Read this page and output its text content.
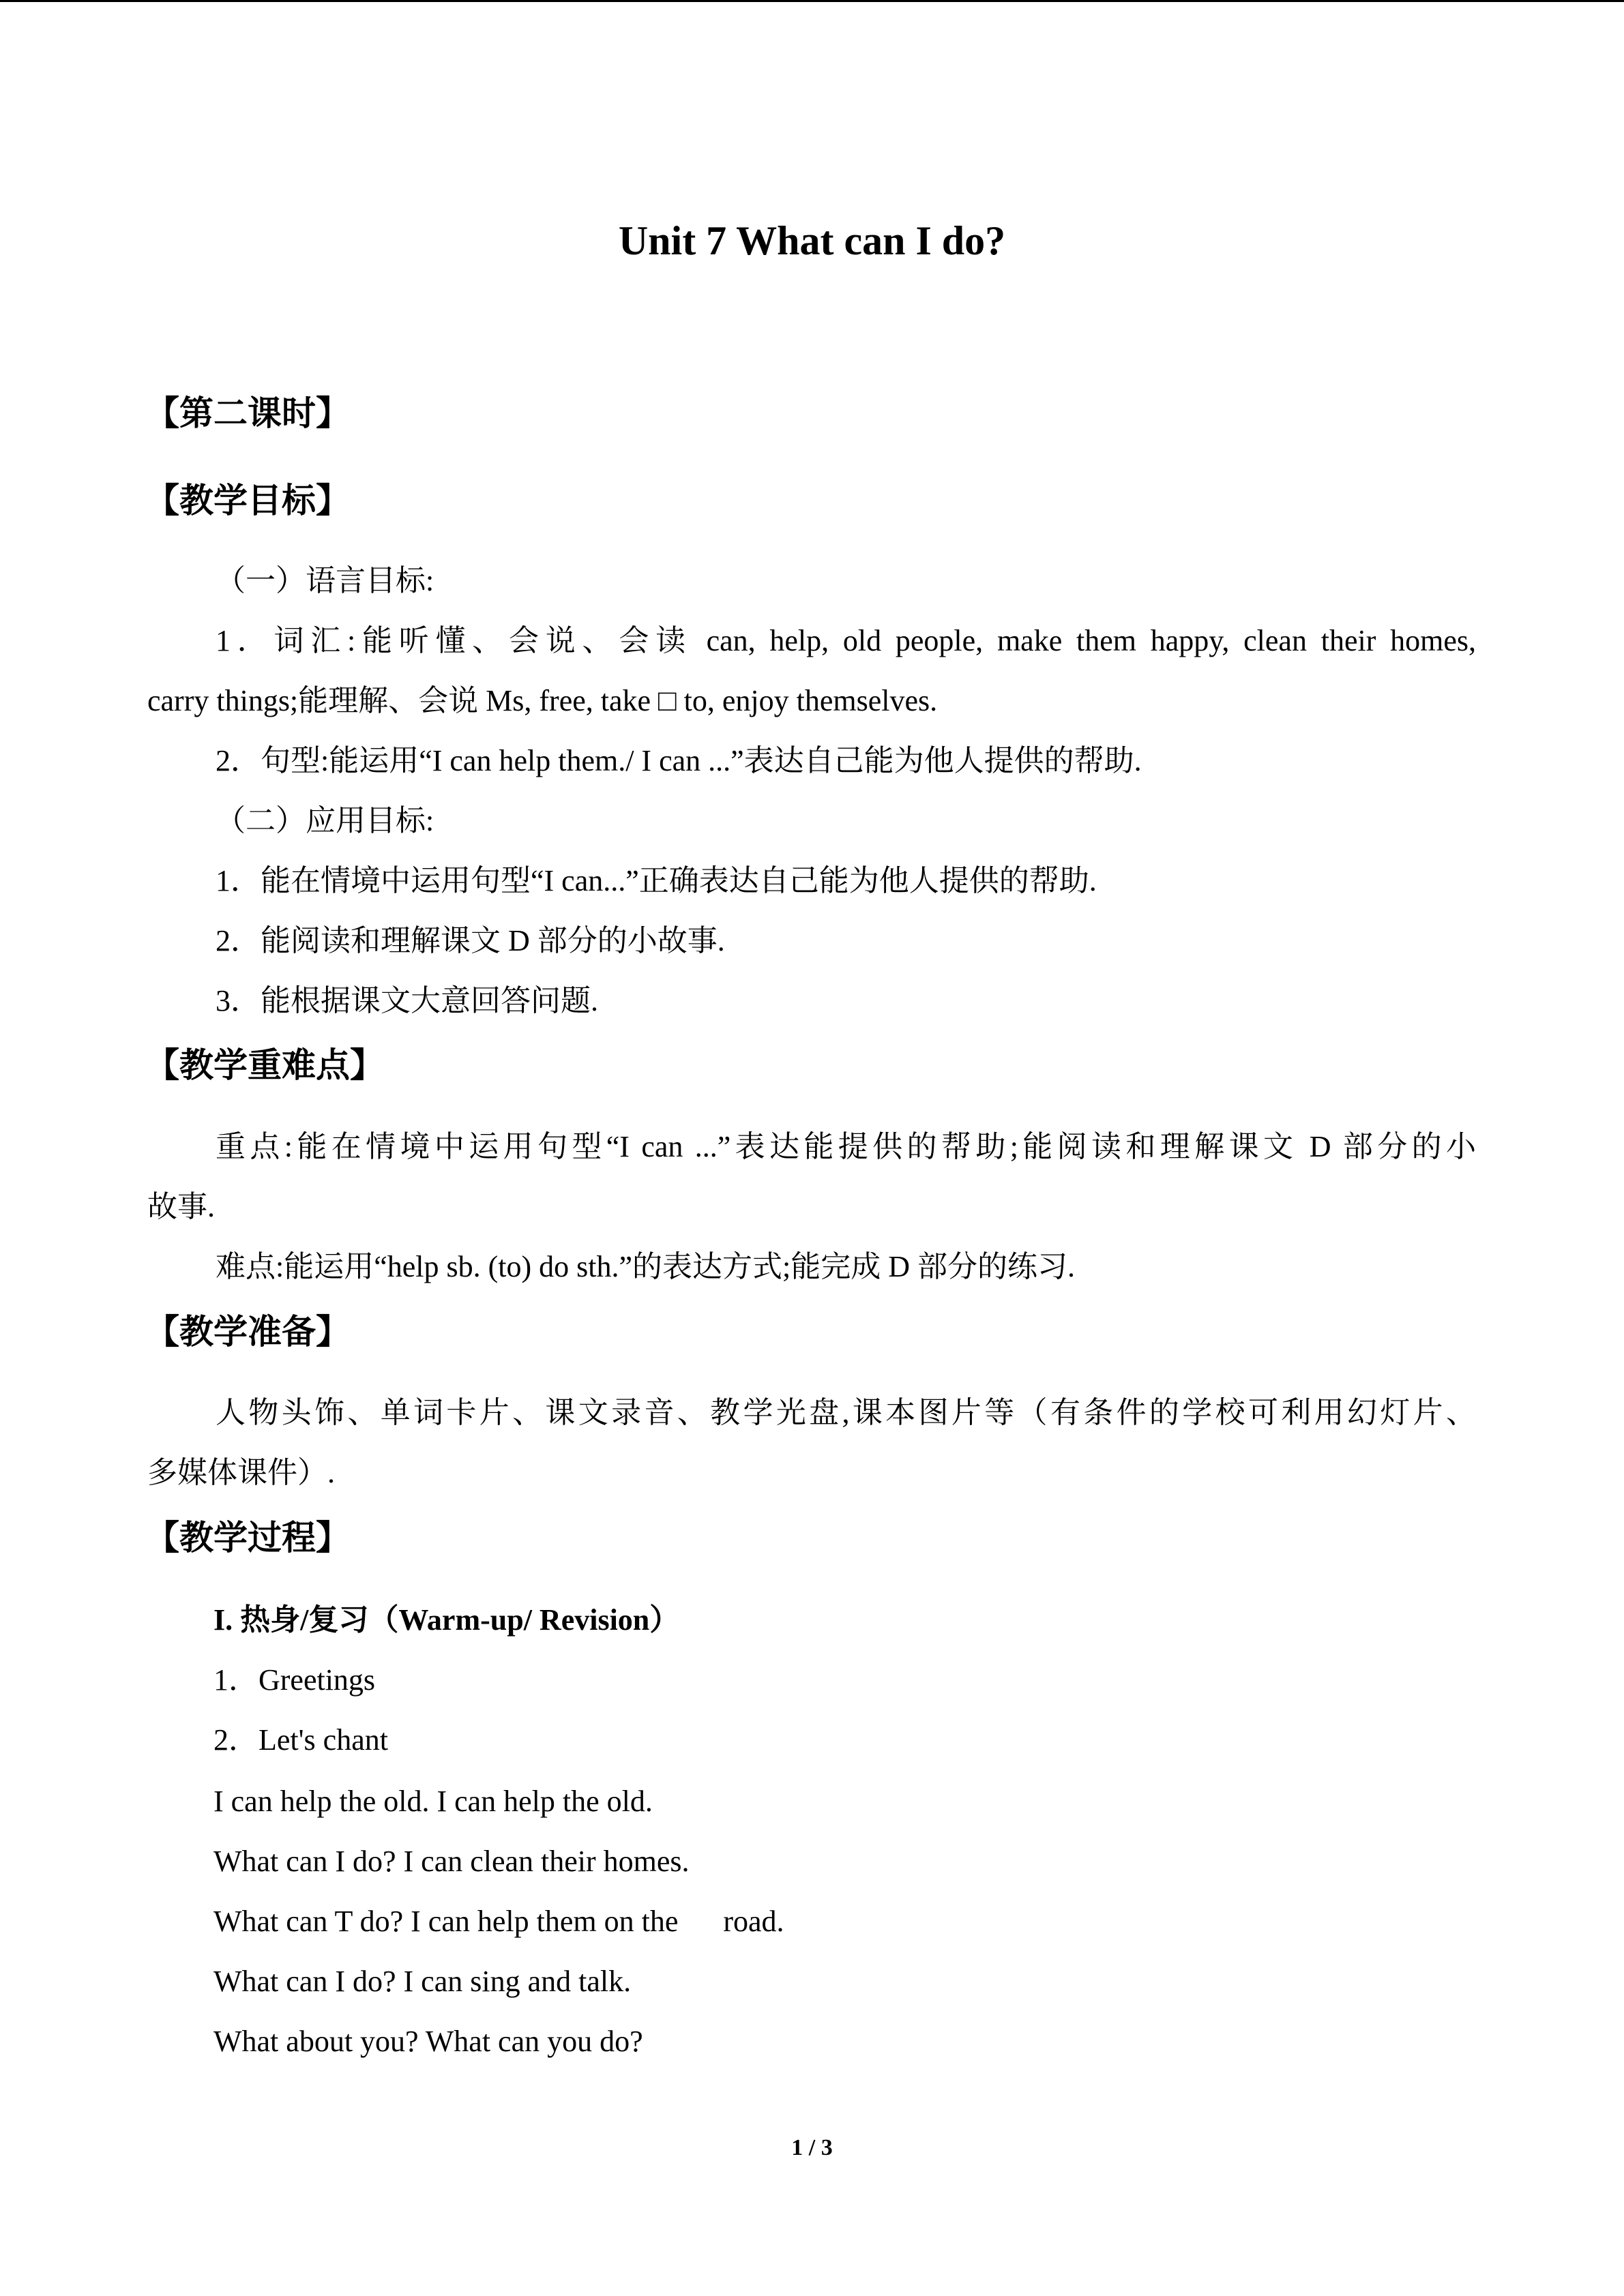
Unit 7 What can I do?
【第二课时】
【教学目标】
（一）语言目标:
1．词汇:能听懂、会说、会读 can, help, old people, make them happy, clean their homes,
carry things;能理解、会说 Ms, free, take □ to, enjoy themselves.
2．句型:能运用“I can help them./ I can ...”表达自己能为他人提供的帮助.
（二）应用目标:
1．能在情境中运用句型“I can...”正确表达自己能为他人提供的帮助.
2．能阅读和理解课文 D 部分的小故事.
3．能根据课文大意回答问题.
【教学重难点】
重点:能在情境中运用句型“I can ...”表达能提供的帮助;能阅读和理解课文 D 部分的小
故事.
难点:能运用“help sb. (to) do sth.”的表达方式;能完成 D 部分的练习.
【教学准备】
人物头饰、单词卡片、课文录音、教学光盘,课本图片等（有条件的学校可利用幻灯片、
多媒体课件）.
【教学过程】
I. 热身/复习（Warm-up/ Revision）
1．Greetings
2．Let's chant
I can help the old. I can help the old.
What can I do? I can clean their homes.
What can T do? I can help them on the      road.
What can I do? I can sing and talk.
What about you? What can you do?
1 / 3
